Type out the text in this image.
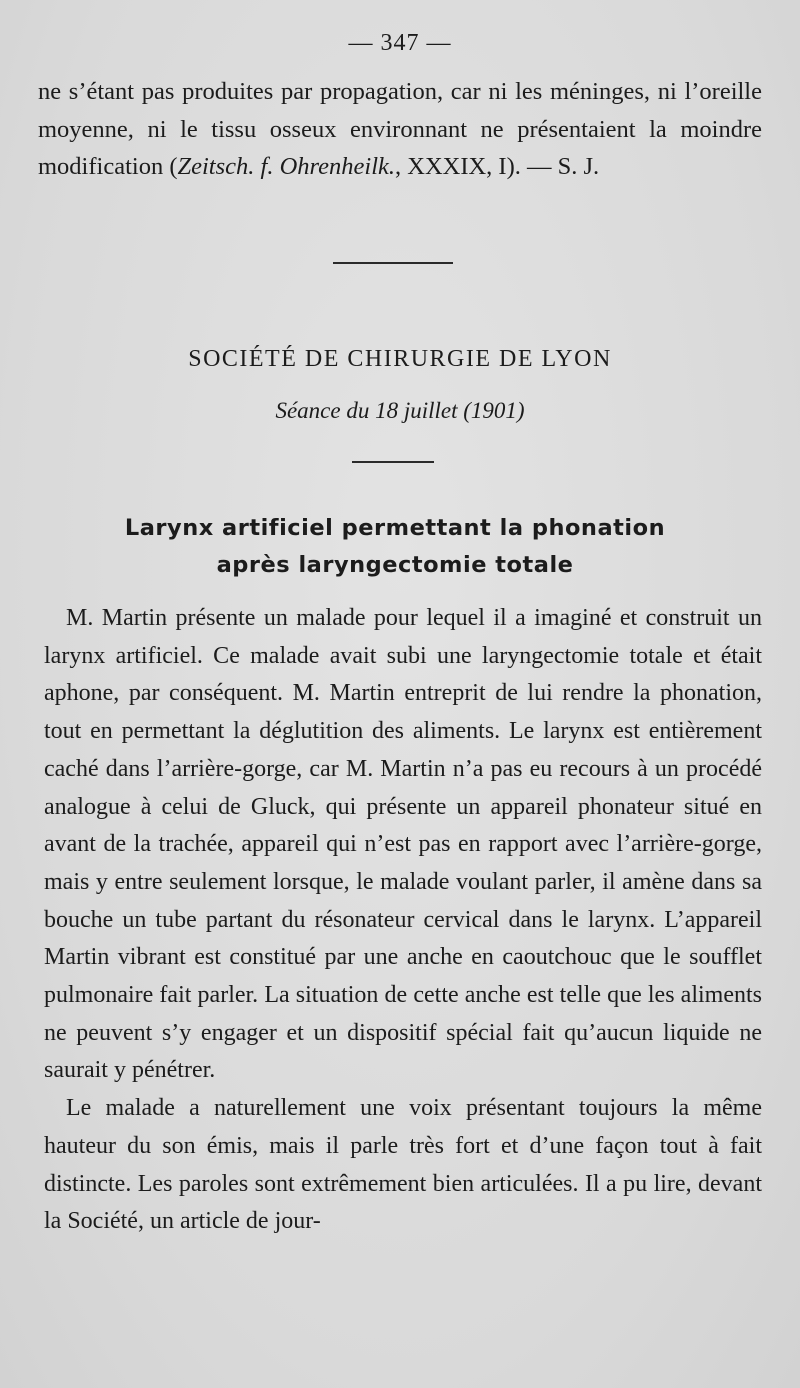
— 347 —

ne s’étant pas produites par propagation, car ni les méninges, ni l’oreille moyenne, ni le tissu osseux environnant ne présentaient la moindre modification (Zeitsch. f. Ohrenheilk., XXXIX, I). — S. J.

SOCIÉTÉ DE CHIRURGIE DE LYON
Séance du 18 juillet (1901)
Larynx artificiel permettant la phonation
après laryngectomie totale

M. Martin présente un malade pour lequel il a imaginé et construit un larynx artificiel. Ce malade avait subi une laryngectomie totale et était aphone, par conséquent. M. Martin entreprit de lui rendre la phonation, tout en permettant la déglutition des aliments. Le larynx est entièrement caché dans l’arrière-gorge, car M. Martin n’a pas eu recours à un procédé analogue à celui de Gluck, qui présente un appareil phonateur situé en avant de la trachée, appareil qui n’est pas en rapport avec l’arrière-gorge, mais y entre seulement lorsque, le malade voulant parler, il amène dans sa bouche un tube partant du résonateur cervical dans le larynx. L’appareil Martin vibrant est constitué par une anche en caoutchouc que le soufflet pulmonaire fait parler. La situation de cette anche est telle que les aliments ne peuvent s’y engager et un dispositif spécial fait qu’aucun liquide ne saurait y pénétrer.

Le malade a naturellement une voix présentant toujours la même hauteur du son émis, mais il parle très fort et d’une façon tout à fait distincte. Les paroles sont extrêmement bien articulées. Il a pu lire, devant la Société, un article de jour-
